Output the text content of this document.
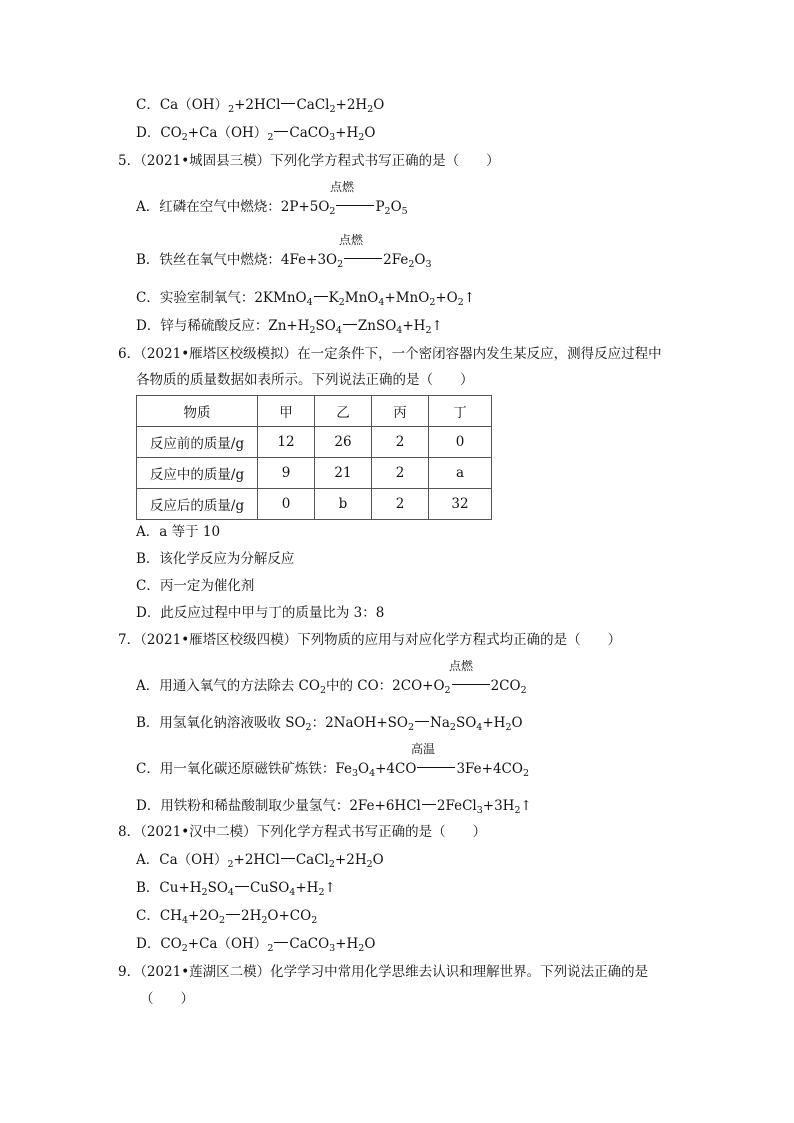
C．$Ca(OH)_2+2HCl$ $CaCl_2+2H_2O$
D．$CO_2+Ca(OH)_2$ $CaCO_3+H_2O$
5．（2021•城固县三模）下列化学方程式书写正确的是（　　）
点燃
A．红磷在空气中燃烧：$2P+5O_2$	$P_2O_5$
点燃
B．铁丝在氧气中燃烧：$4Fe+3O_2$	$2Fe_2O_3$
C．实验室制氧气：2KMnO$_4$ $K_2MnO_4+MnO_2+O_2↑$
D．锌与稀硫酸反应：$Zn+H_2SO_4$ $ZnSO_4+H_2↑$
6．（2021•雁塔区校级模拟）在一定条件下，一个密闭容器内发生某反应，测得反应过程中
各物质的质量数据如表所示。下列说法正确的是（　　）
物质	甲	乙	丙	丁
反应前的质量/g	12	26	2	0
反应中的质量/g	9	21	2	a
反应后的质量/g	0	b	2	32
A．a 等于 10
B．该化学反应为分解反应
C．丙一定为催化剂
D．此反应过程中甲与丁的质量比为 3：8
7．（2021•雁塔区校级四模）下列物质的应用与对应化学方程式均正确的是（　　）
点燃
A．用通入氧气的方法除去 $CO_2$中的 CO：$2CO+O_2$	$2CO_2$
B．用氢氧化钠溶液吸收 $SO_2$：$2NaOH+SO_2$ $Na_2SO_4+H_2O$
高温
C．用一氧化碳还原磁铁矿炼铁：$Fe_3O_4+4CO$	$3Fe+4CO_2$
D．用铁粉和稀盐酸制取少量氢气：2Fe+6HCl $2FeCl_3+3H_2↑$
8．（2021•汉中二模）下列化学方程式书写正确的是（　　）
A．$Ca(OH)_2+2HCl$ $CaCl_2+2H_2O$
B．$Cu+H_2SO_4$ $CuSO_4+H_2↑$
C．$CH_4+2O_2$ $2H_2O+CO_2$
D．$CO_2+Ca(OH)_2$ $CaCO_3+H_2O$
9．（2021•莲湖区二模）化学学习中常用化学思维去认识和理解世界。下列说法正确的是
（　　）
